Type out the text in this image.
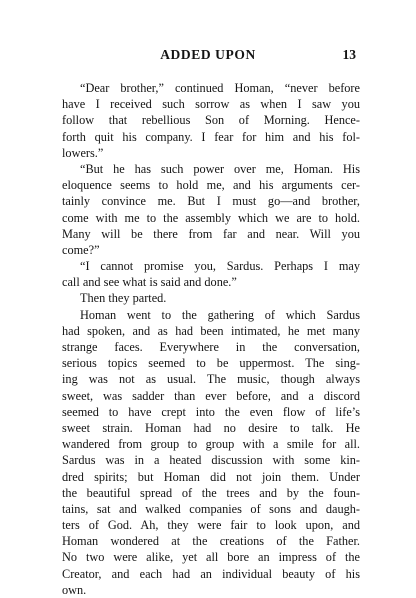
ADDED UPON	13
“Dear brother,” continued Homan, “never before
have I received such sorrow as when I saw you
follow that rebellious Son of Morning. Hence-
forth quit his company. I fear for him and his fol-
lowers.”
“But he has such power over me, Homan. His
eloquence seems to hold me, and his arguments cer-
tainly convince me. But I must go—and brother,
come with me to the assembly which we are to hold.
Many will be there from far and near. Will you
come?”
“I cannot promise you, Sardus. Perhaps I may
call and see what is said and done.”
Then they parted.
Homan went to the gathering of which Sardus
had spoken, and as had been intimated, he met many
strange faces. Everywhere in the conversation,
serious topics seemed to be uppermost. The sing-
ing was not as usual. The music, though always
sweet, was sadder than ever before, and a discord
seemed to have crept into the even flow of life’s
sweet strain. Homan had no desire to talk. He
wandered from group to group with a smile for all.
Sardus was in a heated discussion with some kin-
dred spirits; but Homan did not join them. Under
the beautiful spread of the trees and by the foun-
tains, sat and walked companies of sons and daugh-
ters of God. Ah, they were fair to look upon, and
Homan wondered at the creations of the Father.
No two were alike, yet all bore an impress of the
Creator, and each had an individual beauty of his
own.
